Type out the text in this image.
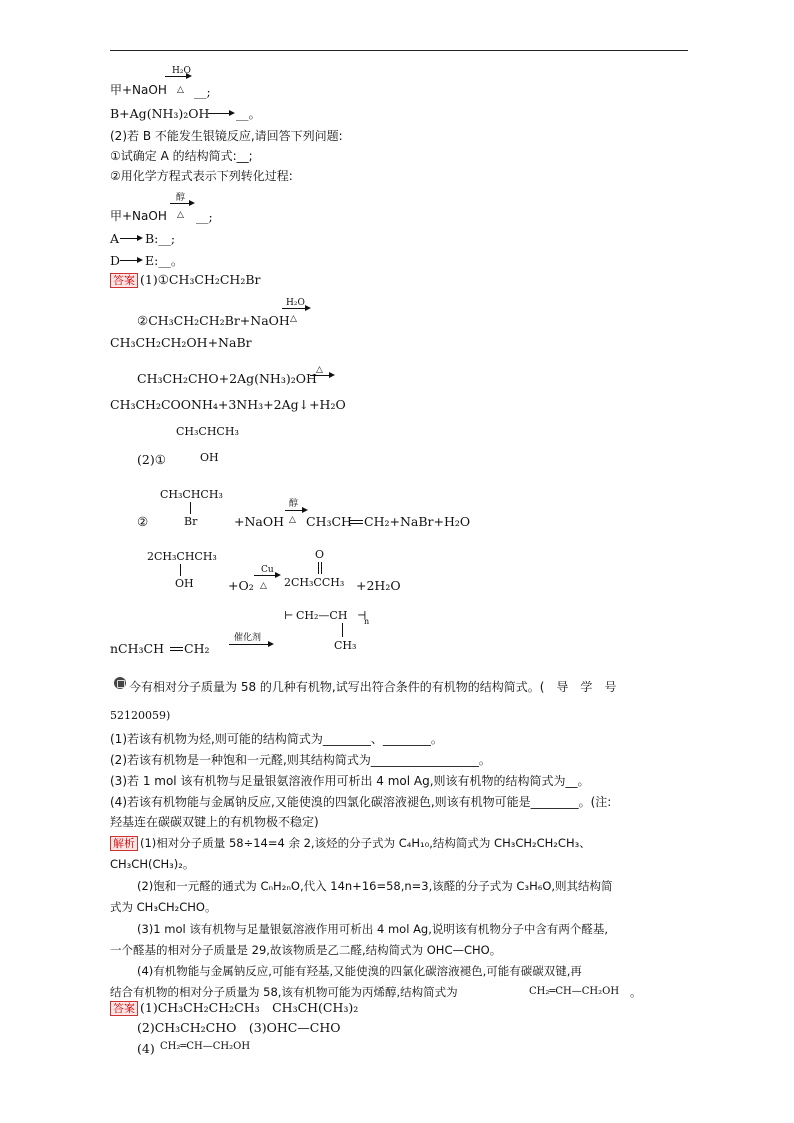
H₂O
甲+NaOH △ __;
B+Ag(NH₃)₂OH __。
(2)若 B 不能发生银镜反应,请回答下列问题:
①试确定 A 的结构简式:__;
②用化学方程式表示下列转化过程:
醇
甲+NaOH △ __;
A B:__;
D E:__。
答案 (1)①CH₃CH₂CH₂Br
H₂O
②CH₃CH₂CH₂Br+NaOH △
CH₃CH₂CH₂OH+NaBr
△
CH₃CH₂CHO+2Ag(NH₃)₂OH
CH₃CH₂COONH₄+3NH₃+2Ag↓+H₂O
CH₃CHCH₃
(2)①	OH
CH₃CHCH₃
②	Br	+NaOH
醇
△ CH₃CH CH₂+NaBr+H₂O
2CH₃CHCH₃
OH	+O₂
Cu
△
O
2CH₃CCH₃ +2H₂O
⊢ CH₂—CH ⊣
n
CH₃
nCH₃CH CH₂
催化剂
今有相对分子质量为 58 的几种有机物,试写出符合条件的有机物的结构简式。(　导　学　号
52120059)
(1)若该有机物为烃,则可能的结构简式为________、________。
(2)若该有机物是一种饱和一元醛,则其结构简式为__________________。
(3)若 1 mol 该有机物与足量银氨溶液作用可析出 4 mol Ag,则该有机物的结构简式为__。
(4)若该有机物能与金属钠反应,又能使溴的四氯化碳溶液褪色,则该有机物可能是________。(注:
羟基连在碳碳双键上的有机物极不稳定)
解析 (1)相对分子质量 58÷14=4 余 2,该烃的分子式为 C₄H₁₀,结构简式为 CH₃CH₂CH₂CH₃、
CH₃CH(CH₃)₂。
(2)饱和一元醛的通式为 CₙH₂ₙO,代入 14n+16=58,n=3,该醛的分子式为 C₃H₆O,则其结构简
式为 CH₃CH₂CHO。
(3)1 mol 该有机物与足量银氨溶液作用可析出 4 mol Ag,说明该有机物分子中含有两个醛基,
一个醛基的相对分子质量是 29,故该物质是乙二醛,结构简式为 OHC—CHO。
(4)有机物能与金属钠反应,可能有羟基,又能使溴的四氯化碳溶液褪色,可能有碳碳双键,再
结合有机物的相对分子质量为 58,该有机物可能为丙烯醇,结构简式为	CH₂═CH—CH₂OH 。
答案 (1)CH₃CH₂CH₂CH₃　CH₃CH(CH₃)₂
(2)CH₃CH₂CHO　(3)OHC—CHO
(4) CH₂═CH—CH₂OH
